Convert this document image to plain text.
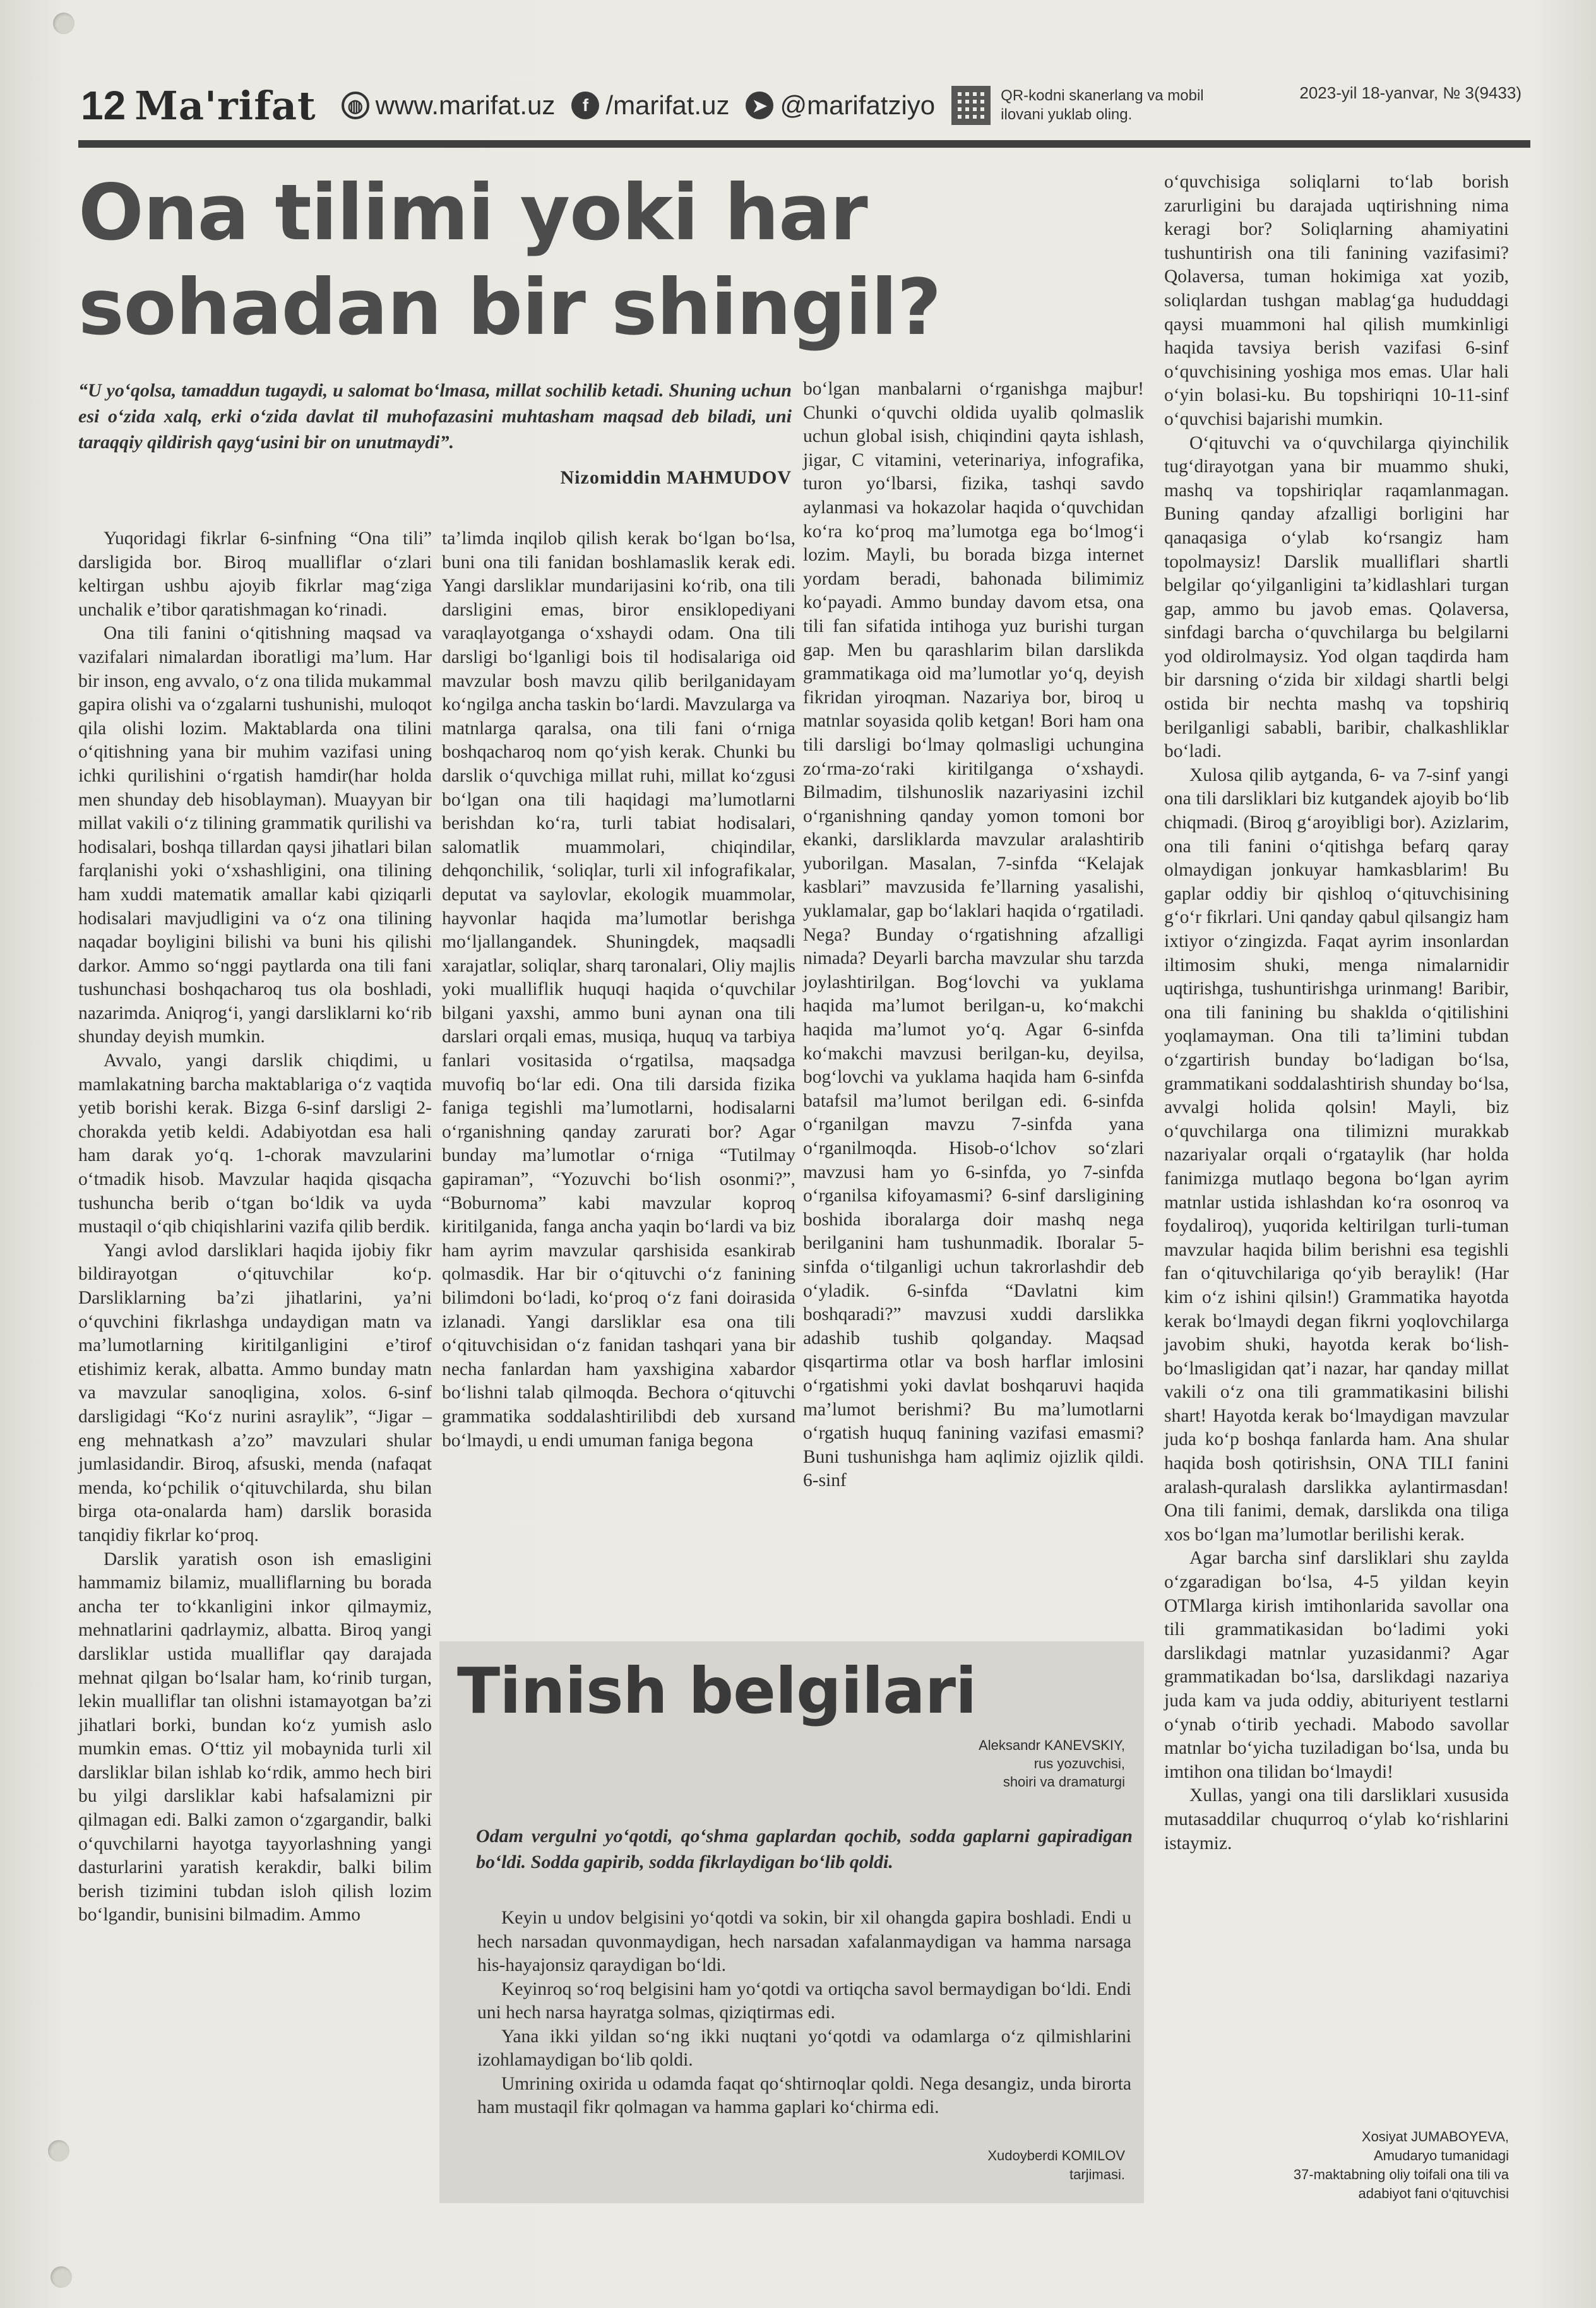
12 Ma'rifat	◍ www.marifat.uz	f /marifat.uz	➤ @marifatziyo	QR-kodni skanerlang va mobil ilovani yuklab oling.
2023-yil 18-yanvar, № 3(9433)
Ona tilimi yoki har sohadan bir shingil?
“U yo‘qolsa, tamaddun tugaydi, u salomat bo‘lmasa, millat sochilib ketadi. Shuning uchun esi o‘zida xalq, erki o‘zida davlat til muhofazasini muhtasham maqsad deb biladi, uni taraqqiy qildirish qayg‘usini bir on unutmaydi”.
Nizomiddin MAHMUDOV

Yuqoridagi fikrlar 6-sinfning “Ona tili” darsligida bor. Biroq mualliflar o‘zlari keltirgan ushbu ajoyib fikrlar mag‘ziga unchalik e’tibor qaratishmagan ko‘rinadi.

Ona tili fanini o‘qitishning maqsad va vazifalari nimalardan iboratligi ma’lum. Har bir inson, eng avvalo, o‘z ona tilida mukammal gapira olishi va o‘zgalarni tushunishi, muloqot qila olishi lozim. Maktablarda ona tilini o‘qitishning yana bir muhim vazifasi uning ichki qurilishini o‘rgatish hamdir(har holda men shunday deb hisoblayman). Muayyan bir millat vakili o‘z tilining grammatik qurilishi va hodisalari, boshqa tillardan qaysi jihatlari bilan farqlanishi yoki o‘xshashligini, ona tilining ham xuddi matematik amallar kabi qiziqarli hodisalari mavjudligini va o‘z ona tilining naqadar boyligini bilishi va buni his qilishi darkor. Ammo so‘nggi paytlarda ona tili fani tushunchasi boshqacharoq tus ola boshladi, nazarimda. Aniqrog‘i, yangi darsliklarni ko‘rib shunday deyish mumkin.

Avvalo, yangi darslik chiqdimi, u mamlakatning barcha maktablariga o‘z vaqtida yetib borishi kerak. Bizga 6-sinf darsligi 2-chorakda yetib keldi. Adabiyotdan esa hali ham darak yo‘q. 1-chorak mavzularini o‘tmadik hisob. Mavzular haqida qisqacha tushuncha berib o‘tgan bo‘ldik va uyda mustaqil o‘qib chiqishlarini vazifa qilib berdik.

Yangi avlod darsliklari haqida ijobiy fikr bildirayotgan o‘qituvchilar ko‘p. Darsliklarning ba’zi jihatlarini, ya’ni o‘quvchini fikrlashga undaydigan matn va ma’lumotlarning kiritilganligini e’tirof etishimiz kerak, albatta. Ammo bunday matn va mavzular sanoqligina, xolos. 6-sinf darsligidagi “Ko‘z nurini asraylik”, “Jigar – eng mehnatkash a’zo” mavzulari shular jumlasidandir. Biroq, afsuski, menda (nafaqat menda, ko‘pchilik o‘qituvchilarda, shu bilan birga ota-onalarda ham) darslik borasida tanqidiy fikrlar ko‘proq.

Darslik yaratish oson ish emasligini hammamiz bilamiz, mualliflarning bu borada ancha ter to‘kkanligini inkor qilmaymiz, mehnatlarini qadrlaymiz, albatta. Biroq yangi darsliklar ustida mualliflar qay darajada mehnat qilgan bo‘lsalar ham, ko‘rinib turgan, lekin mualliflar tan olishni istamayotgan ba’zi jihatlari borki, bundan ko‘z yumish aslo mumkin emas. O‘ttiz yil mobaynida turli xil darsliklar bilan ishlab ko‘rdik, ammo hech biri bu yilgi darsliklar kabi hafsalamizni pir qilmagan edi. Balki zamon o‘zgargandir, balki o‘quvchilarni hayotga tayyorlashning yangi dasturlarini yaratish kerakdir, balki bilim berish tizimini tubdan isloh qilish lozim bo‘lgandir, bunisini bilmadim. Ammo

ta’limda inqilob qilish kerak bo‘lgan bo‘lsa, buni ona tili fanidan boshlamaslik kerak edi. Yangi darsliklar mundarijasini ko‘rib, ona tili darsligini emas, biror ensiklopediyani varaqlayotganga o‘xshaydi odam. Ona tili darsligi bo‘lganligi bois til hodisalariga oid mavzular bosh mavzu qilib berilganidayam ko‘ngilga ancha taskin bo‘lardi. Mavzularga va matnlarga qaralsa, ona tili fani o‘rniga boshqacharoq nom qo‘yish kerak. Chunki bu darslik o‘quvchiga millat ruhi, millat ko‘zgusi bo‘lgan ona tili haqidagi ma’lumotlarni berishdan ko‘ra, turli tabiat hodisalari, salomatlik muammolari, chiqindilar, dehqonchilik, ‘soliqlar, turli xil infografikalar, deputat va saylovlar, ekologik muammolar, hayvonlar haqida ma’lumotlar berishga mo‘ljallangandek. Shuningdek, maqsadli xarajatlar, soliqlar, sharq taronalari, Oliy majlis yoki mualliflik huquqi haqida o‘quvchilar bilgani yaxshi, ammo buni aynan ona tili darslari orqali emas, musiqa, huquq va tarbiya fanlari vositasida o‘rgatilsa, maqsadga muvofiq bo‘lar edi. Ona tili darsida fizika faniga tegishli ma’lumotlarni, hodisalarni o‘rganishning qanday zarurati bor? Agar bunday ma’lumotlar o‘rniga “Tutilmay gapiraman”, “Yozuvchi bo‘lish osonmi?”, “Boburnoma” kabi mavzular koproq kiritilganida, fanga ancha yaqin bo‘lardi va biz ham ayrim mavzular qarshisida esankirab qolmasdik. Har bir o‘qituvchi o‘z fanining bilimdoni bo‘ladi, ko‘proq o‘z fani doirasida izlanadi. Yangi darsliklar esa ona tili o‘qituvchisidan o‘z fanidan tashqari yana bir necha fanlardan ham yaxshigina xabardor bo‘lishni talab qilmoqda. Bechora o‘qituvchi grammatika soddalashtirilibdi deb xursand bo‘lmaydi, u endi umuman faniga begona

bo‘lgan manbalarni o‘rganishga majbur! Chunki o‘quvchi oldida uyalib qolmaslik uchun global isish, chiqindini qayta ishlash, jigar, C vitamini, veterinariya, infografika, turon yo‘lbarsi, fizika, tashqi savdo aylanmasi va hokazolar haqida o‘quvchidan ko‘ra ko‘proq ma’lumotga ega bo‘lmog‘i lozim. Mayli, bu borada bizga internet yordam beradi, bahonada bilimimiz ko‘payadi. Ammo bunday davom etsa, ona tili fan sifatida intihoga yuz burishi turgan gap. Men bu qarashlarim bilan darslikda grammatikaga oid ma’lumotlar yo‘q, deyish fikridan yiroqman. Nazariya bor, biroq u matnlar soyasida qolib ketgan! Bori ham ona tili darsligi bo‘lmay qolmasligi uchungina zo‘rma-zo‘raki kiritilganga o‘xshaydi. Bilmadim, tilshunoslik nazariyasini izchil o‘rganishning qanday yomon tomoni bor ekanki, darsliklarda mavzular aralashtirib yuborilgan. Masalan, 7-sinfda “Kelajak kasblari” mavzusida fe’llarning yasalishi, yuklamalar, gap bo‘laklari haqida o‘rgatiladi. Nega? Bunday o‘rgatishning afzalligi nimada? Deyarli barcha mavzular shu tarzda joylashtirilgan. Bog‘lovchi va yuklama haqida ma’lumot berilgan-u, ko‘makchi haqida ma’lumot yo‘q. Agar 6-sinfda ko‘makchi mavzusi berilgan-ku, deyilsa, bog‘lovchi va yuklama haqida ham 6-sinfda batafsil ma’lumot berilgan edi. 6-sinfda o‘rganilgan mavzu 7-sinfda yana o‘rganilmoqda. Hisob-o‘lchov so‘zlari mavzusi ham yo 6-sinfda, yo 7-sinfda o‘rganilsa kifoyamasmi? 6-sinf darsligining boshida iboralarga doir mashq nega berilganini ham tushunmadik. Iboralar 5-sinfda o‘tilganligi uchun takrorlashdir deb o‘yladik. 6-sinfda “Davlatni kim boshqaradi?” mavzusi xuddi darslikka adashib tushib qolganday. Maqsad qisqartirma otlar va bosh harflar imlosini o‘rgatishmi yoki davlat boshqaruvi haqida ma’lumot berishmi? Bu ma’lumotlarni o‘rgatish huquq fanining vazifasi emasmi? Buni tushunishga ham aqlimiz ojizlik qildi. 6-sinf

o‘quvchisiga soliqlarni to‘lab borish zarurligini bu darajada uqtirishning nima keragi bor? Soliqlarning ahamiyatini tushuntirish ona tili fanining vazifasimi? Qolaversa, tuman hokimiga xat yozib, soliqlardan tushgan mablag‘ga hududdagi qaysi muammoni hal qilish mumkinligi haqida tavsiya berish vazifasi 6-sinf o‘quvchisining yoshiga mos emas. Ular hali o‘yin bolasi-ku. Bu topshiriqni 10-11-sinf o‘quvchisi bajarishi mumkin.

O‘qituvchi va o‘quvchilarga qiyinchilik tug‘dirayotgan yana bir muammo shuki, mashq va topshiriqlar raqamlanmagan. Buning qanday afzalligi borligini har qanaqasiga o‘ylab ko‘rsangiz ham topolmaysiz! Darslik mualliflari shartli belgilar qo‘yilganligini ta’kidlashlari turgan gap, ammo bu javob emas. Qolaversa, sinfdagi barcha o‘quvchilarga bu belgilarni yod oldirolmaysiz. Yod olgan taqdirda ham bir darsning o‘zida bir xildagi shartli belgi ostida bir nechta mashq va topshiriq berilganligi sababli, baribir, chalkashliklar bo‘ladi.

Xulosa qilib aytganda, 6- va 7-sinf yangi ona tili darsliklari biz kutgandek ajoyib bo‘lib chiqmadi. (Biroq g‘aroyibligi bor). Azizlarim, ona tili fanini o‘qitishga befarq qaray olmaydigan jonkuyar hamkasblarim! Bu gaplar oddiy bir qishloq o‘qituvchisining g‘o‘r fikrlari. Uni qanday qabul qilsangiz ham ixtiyor o‘zingizda. Faqat ayrim insonlardan iltimosim shuki, menga nimalarnidir uqtirishga, tushuntirishga urinmang! Baribir, ona tili fanining bu shaklda o‘qitilishini yoqlamayman. Ona tili ta’limini tubdan o‘zgartirish bunday bo‘ladigan bo‘lsa, grammatikani soddalashtirish shunday bo‘lsa, avvalgi holida qolsin! Mayli, biz o‘quvchilarga ona tilimizni murakkab nazariyalar orqali o‘rgataylik (har holda fanimizga mutlaqo begona bo‘lgan ayrim matnlar ustida ishlashdan ko‘ra osonroq va foydaliroq), yuqorida keltirilgan turli-tuman mavzular haqida bilim berishni esa tegishli fan o‘qituvchilariga qo‘yib beraylik! (Har kim o‘z ishini qilsin!) Grammatika hayotda kerak bo‘lmaydi degan fikrni yoqlovchilarga javobim shuki, hayotda kerak bo‘lish-bo‘lmasligidan qat’i nazar, har qanday millat vakili o‘z ona tili grammatikasini bilishi shart! Hayotda kerak bo‘lmaydigan mavzular juda ko‘p boshqa fanlarda ham. Ana shular haqida bosh qotirishsin, ONA TILI fanini aralash-quralash darslikka aylantirmasdan! Ona tili fanimi, demak, darslikda ona tiliga xos bo‘lgan ma’lumotlar berilishi kerak.

Agar barcha sinf darsliklari shu zaylda o‘zgaradigan bo‘lsa, 4-5 yildan keyin OTMlarga kirish imtihonlarida savollar ona tili grammatikasidan bo‘ladimi yoki darslikdagi matnlar yuzasidanmi? Agar grammatikadan bo‘lsa, darslikdagi nazariya juda kam va juda oddiy, abituriyent testlarni o‘ynab o‘tirib yechadi. Mabodo savollar matnlar bo‘yicha tuziladigan bo‘lsa, unda bu imtihon ona tilidan bo‘lmaydi!

Xullas, yangi ona tili darsliklari xususida mutasaddilar chuqurroq o‘ylab ko‘rishlarini istaymiz.

Xosiyat JUMABOYEVA,
Amudaryo tumanidagi
37-maktabning oliy toifali ona tili va
adabiyot fani o‘qituvchisi
Tinish belgilari
Aleksandr KANEVSKIY,
rus yozuvchisi,
shoiri va dramaturgi
Odam vergulni yo‘qotdi, qo‘shma gaplardan qochib, sodda gaplarni gapiradigan bo‘ldi. Sodda gapirib, sodda fikrlaydigan bo‘lib qoldi.

Keyin u undov belgisini yo‘qotdi va sokin, bir xil ohangda gapira boshladi. Endi u hech narsadan quvonmaydigan, hech narsadan xafalanmaydigan va hamma narsaga his-hayajonsiz qaraydigan bo‘ldi.

Keyinroq so‘roq belgisini ham yo‘qotdi va ortiqcha savol bermaydigan bo‘ldi. Endi uni hech narsa hayratga solmas, qiziqtirmas edi.

Yana ikki yildan so‘ng ikki nuqtani yo‘qotdi va odamlarga o‘z qilmishlarini izohlamaydigan bo‘lib qoldi.

Umrining oxirida u odamda faqat qo‘shtirnoqlar qoldi. Nega desangiz, unda birorta ham mustaqil fikr qolmagan va hamma gaplari ko‘chirma edi.

Xudoyberdi KOMILOV
tarjimasi.
